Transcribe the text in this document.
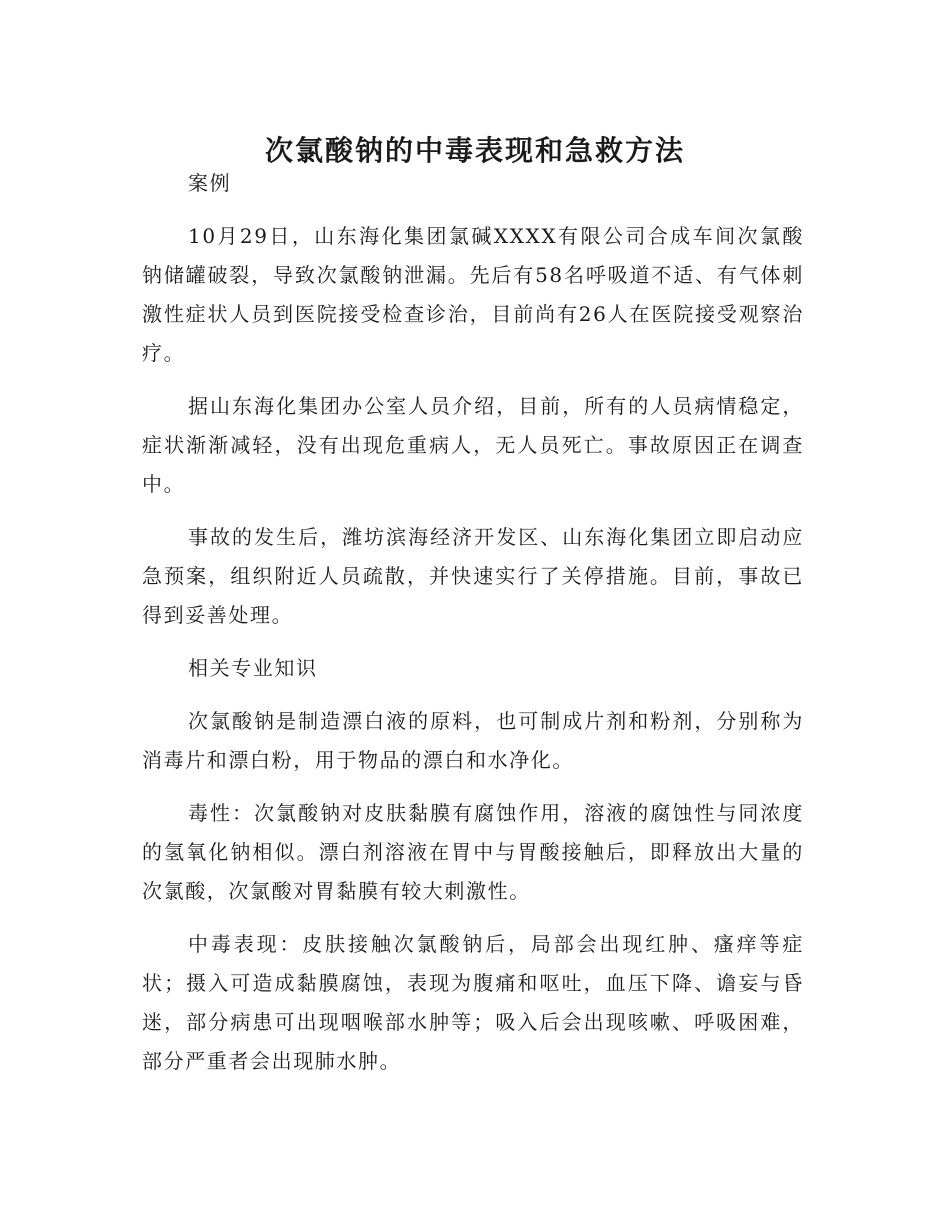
次氯酸钠的中毒表现和急救方法

案例

10月29日，山东海化集团氯碱XXXX有限公司合成车间次氯酸钠储罐破裂，导致次氯酸钠泄漏。先后有58名呼吸道不适、有气体刺激性症状人员到医院接受检查诊治，目前尚有26人在医院接受观察治疗。

据山东海化集团办公室人员介绍，目前，所有的人员病情稳定，症状渐渐减轻，没有出现危重病人，无人员死亡。事故原因正在调查中。

事故的发生后，潍坊滨海经济开发区、山东海化集团立即启动应急预案，组织附近人员疏散，并快速实行了关停措施。目前，事故已得到妥善处理。

相关专业知识

次氯酸钠是制造漂白液的原料，也可制成片剂和粉剂，分别称为消毒片和漂白粉，用于物品的漂白和水净化。

毒性：次氯酸钠对皮肤黏膜有腐蚀作用，溶液的腐蚀性与同浓度的氢氧化钠相似。漂白剂溶液在胃中与胃酸接触后，即释放出大量的次氯酸，次氯酸对胃黏膜有较大刺激性。

中毒表现：皮肤接触次氯酸钠后，局部会出现红肿、瘙痒等症状；摄入可造成黏膜腐蚀，表现为腹痛和呕吐，血压下降、谵妄与昏迷，部分病患可出现咽喉部水肿等；吸入后会出现咳嗽、呼吸困难，部分严重者会出现肺水肿。
